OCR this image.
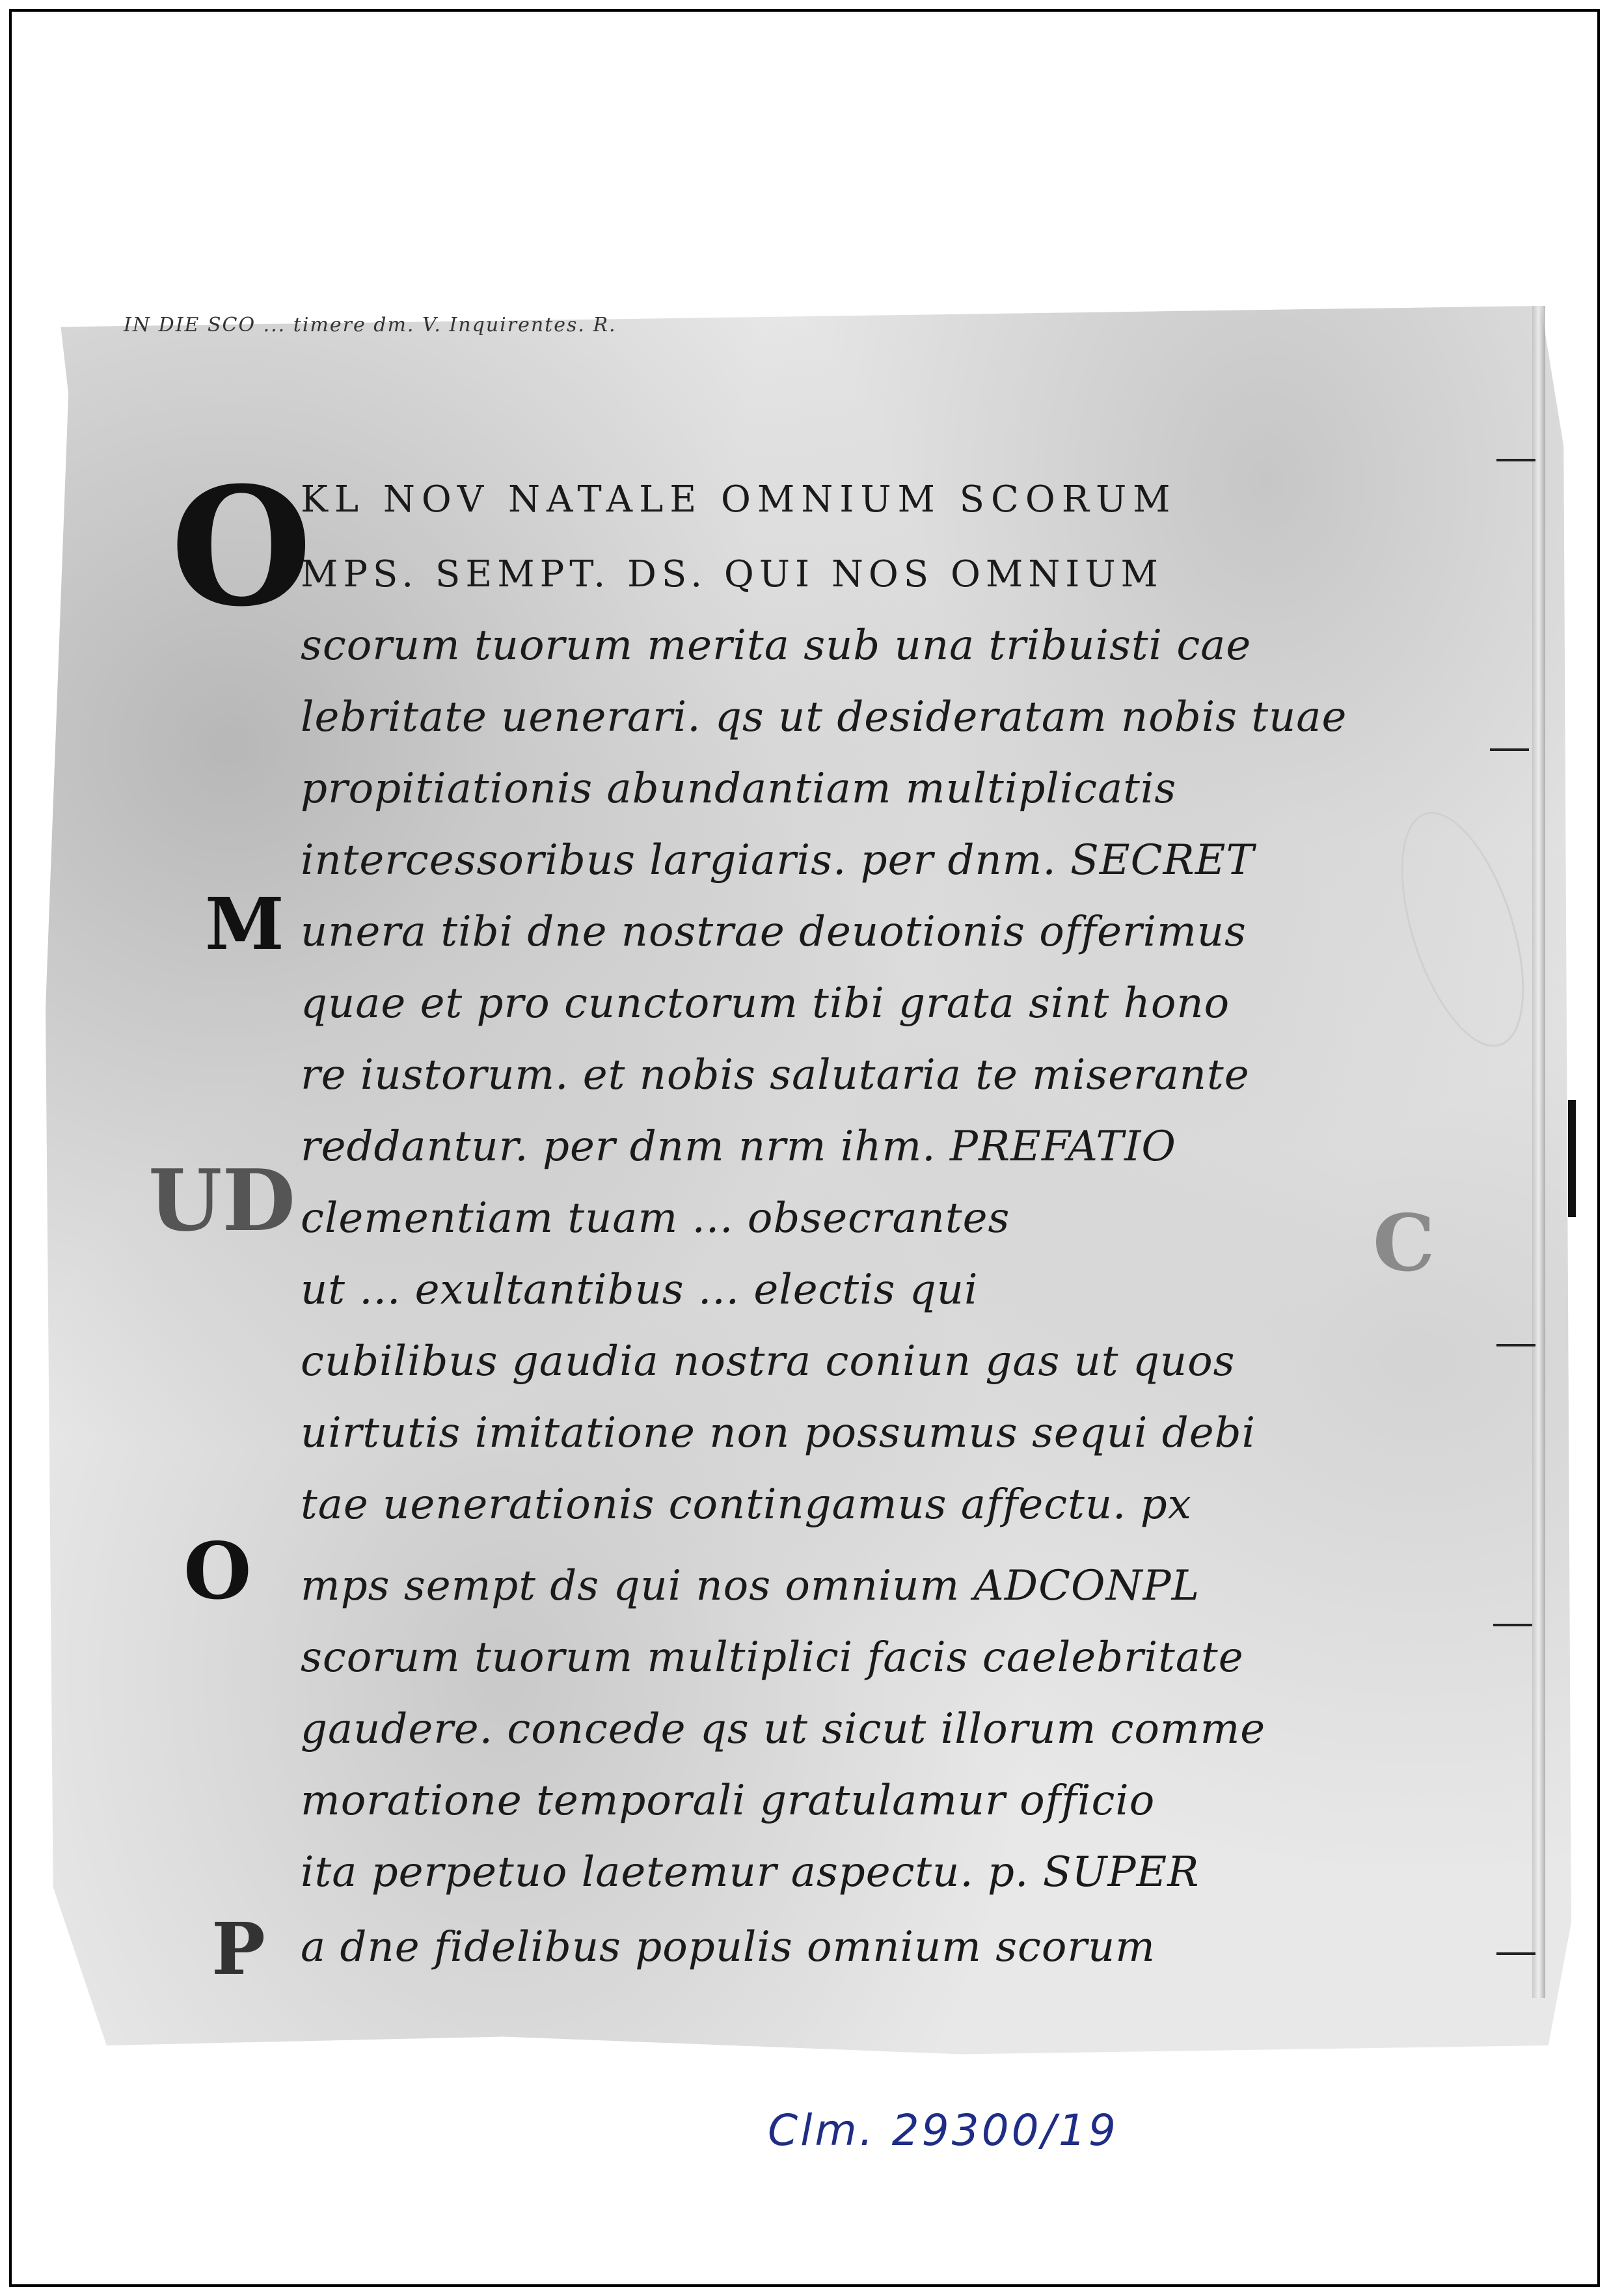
IN DIE SCO ... timere dm. V. Inquirentes. R.
O
M
UD
O
P
C
KL NOV NATALE OMNIUM SCORUM
MPS. SEMPT. DS. QUI NOS OMNIUM
scorum tuorum merita sub una tribuisti cae
lebritate uenerari. qs ut desideratam nobis tuae
propitiationis abundantiam multiplicatis
intercessoribus largiaris. per dnm. SECRET
unera tibi dne nostrae deuotionis offerimus
quae et pro cunctorum tibi grata sint hono
re iustorum. et nobis salutaria te miserante
reddantur. per dnm nrm ihm. PREFATIO
clementiam tuam ... obsecrantes
ut ... exultantibus ... electis qui
cubilibus gaudia nostra coniun gas ut quos
uirtutis imitatione non possumus sequi debi
tae uenerationis contingamus affectu. px
mps sempt ds qui nos omnium ADCONPL
scorum tuorum multiplici facis caelebritate
gaudere. concede qs ut sicut illorum comme
moratione temporali gratulamur officio
ita perpetuo laetemur aspectu. p. SUPER
a dne fidelibus populis omnium scorum
Clm. 29300/19
